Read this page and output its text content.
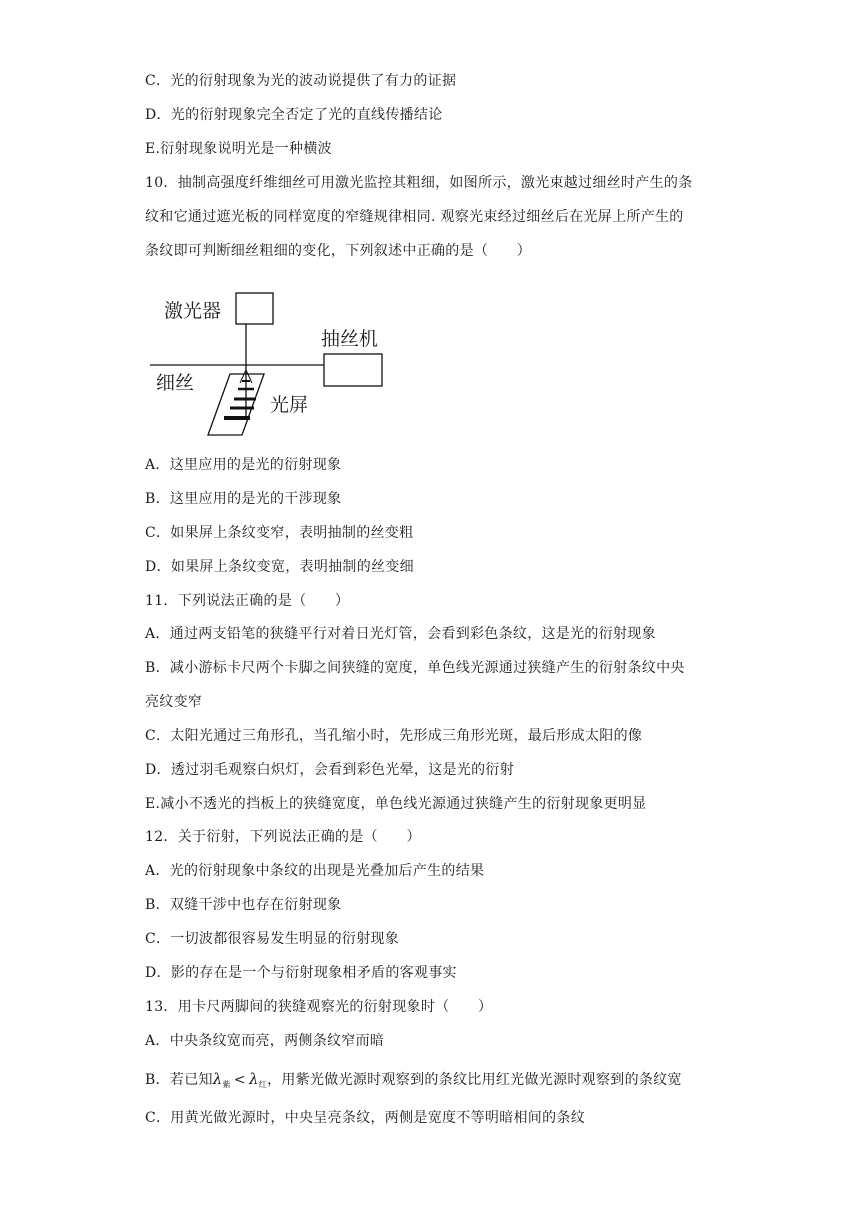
C．光的衍射现象为光的波动说提供了有力的证据
D．光的衍射现象完全否定了光的直线传播结论
E.衍射现象说明光是一种横波
10．抽制高强度纤维细丝可用激光监控其粗细，如图所示，激光束越过细丝时产生的条
纹和它通过遮光板的同样宽度的窄缝规律相同. 观察光束经过细丝后在光屏上所产生的
条纹即可判断细丝粗细的变化，下列叙述中正确的是（　　）
激光器
抽丝机
细丝
光屏
A．这里应用的是光的衍射现象
B．这里应用的是光的干涉现象
C．如果屏上条纹变窄，表明抽制的丝变粗
D．如果屏上条纹变宽，表明抽制的丝变细
11．下列说法正确的是（　　）
A．通过两支铅笔的狭缝平行对着日光灯管，会看到彩色条纹，这是光的衍射现象
B．减小游标卡尺两个卡脚之间狭缝的宽度，单色线光源通过狭缝产生的衍射条纹中央
亮纹变窄
C．太阳光通过三角形孔，当孔缩小时，先形成三角形光斑，最后形成太阳的像
D．透过羽毛观察白炽灯，会看到彩色光晕，这是光的衍射
E.减小不透光的挡板上的狭缝宽度，单色线光源通过狭缝产生的衍射现象更明显
12．关于衍射，下列说法正确的是（　　）
A．光的衍射现象中条纹的出现是光叠加后产生的结果
B．双缝干涉中也存在衍射现象
C．一切波都很容易发生明显的衍射现象
D．影的存在是一个与衍射现象相矛盾的客观事实
13．用卡尺两脚间的狭缝观察光的衍射现象时（　　）
A．中央条纹宽而亮，两侧条纹窄而暗
B．若已知$\lambda_紫 < \lambda_红$，用紫光做光源时观察到的条纹比用红光做光源时观察到的条纹宽
C．用黄光做光源时，中央呈亮条纹，两侧是宽度不等明暗相间的条纹
